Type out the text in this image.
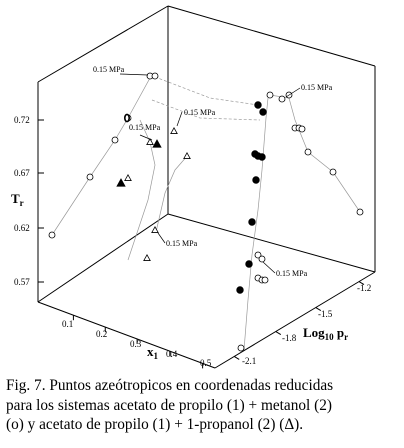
0.57
0.62
0.67
0.72
$T_r$
0.1
0.2
0.3
0.4
0.5
$x_1$	-2.1
-1.8
-1.5
-1.2
Log$_{10}$ $p_r$
0.15 MPa
0.15 MPa
0.15 MPa
0.15 MPa
0.15 MPa
0.15 MPa

Fig. 7. Puntos azeótropicos en coordenadas reducidas

para los sistemas acetato de propilo (1) + metanol (2)

(o) y acetato de propilo (1) + 1-propanol (2) (Δ).
